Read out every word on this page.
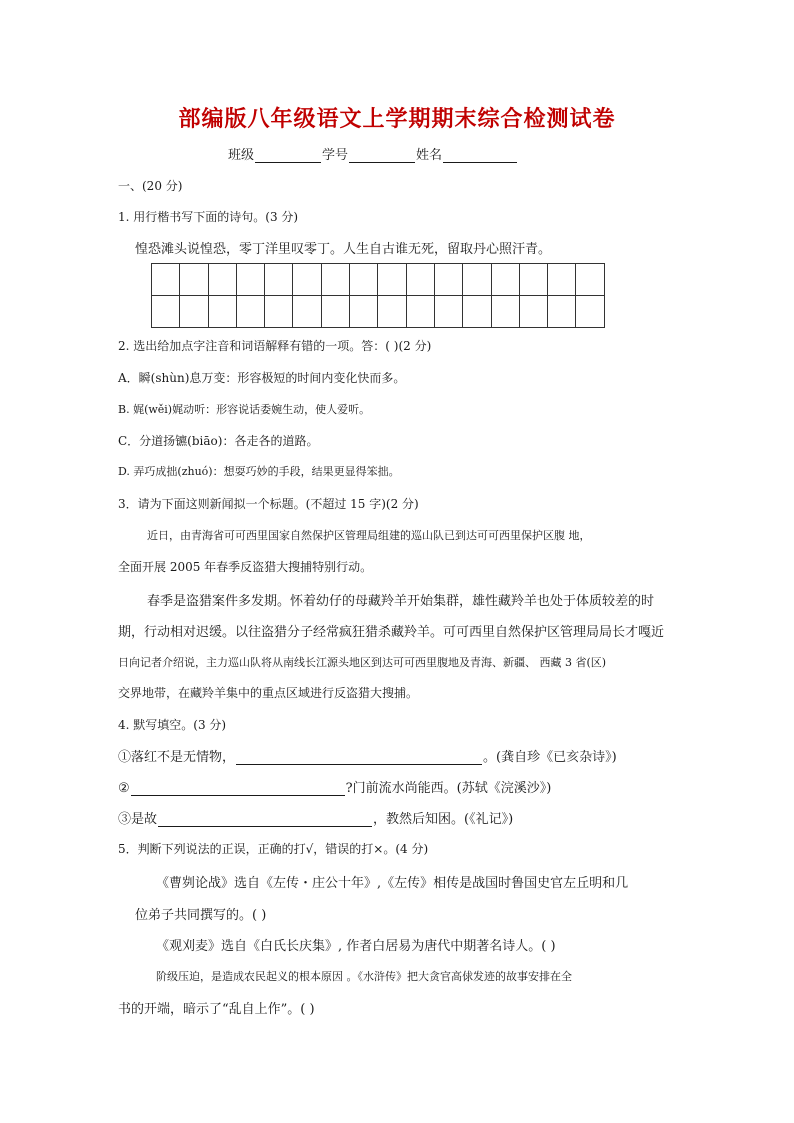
部编版八年级语文上学期期末综合检测试卷
班级	学号	姓名
一、(20 分)
1. 用行楷书写下面的诗句。(3 分)
惶恐滩头说惶恐，零丁洋里叹零丁。人生自古谁无死，留取丹心照汗青。
2. 选出给加点字注音和词语解释有错的一项。答：( )(2 分)
A．瞬(shùn)息万变：形容极短的时间内变化快而多。
B. 娓(wěi)娓动听：形容说话委婉生动，使人爱听。
C．分道扬镳(biāo)：各走各的道路。
D. 弄巧成拙(zhuó)：想耍巧妙的手段，结果更显得笨拙。
3．请为下面这则新闻拟一个标题。(不超过 15 字)(2 分)
近日，由青海省可可西里国家自然保护区管理局组建的巡山队已到达可可西里保护区腹 地，
全面开展 2005 年春季反盗猎大搜捕特别行动。
春季是盗猎案件多发期。怀着幼仔的母藏羚羊开始集群，雄性藏羚羊也处于体质较差的时
期，行动相对迟缓。以往盗猎分子经常疯狂猎杀藏羚羊。可可西里自然保护区管理局局长才嘎近
日向记者介绍说，主力巡山队将从南线长江源头地区到达可可西里腹地及青海、新疆、 西藏 3 省(区)
交界地带，在藏羚羊集中的重点区域进行反盗猎大搜捕。
4. 默写填空。(3 分)
①落红不是无情物，	。(龚自珍《已亥杂诗》)
②	?门前流水尚能西。(苏轼《浣溪沙》)
③是故	，教然后知困。(《礼记》)
5．判断下列说法的正误，正确的打√，错误的打×。(4 分)
《曹刿论战》选自《左传・庄公十年》,《左传》相传是战国时鲁国史官左丘明和几
位弟子共同撰写的。( )
《观刈麦》选自《白氏长庆集》, 作者白居易为唐代中期著名诗人。( )
阶级压迫，是造成农民起义的根本原因 。《水浒传》把大贪官高俅发迹的故事安排在全
书的开端，暗示了“乱自上作”。( )
